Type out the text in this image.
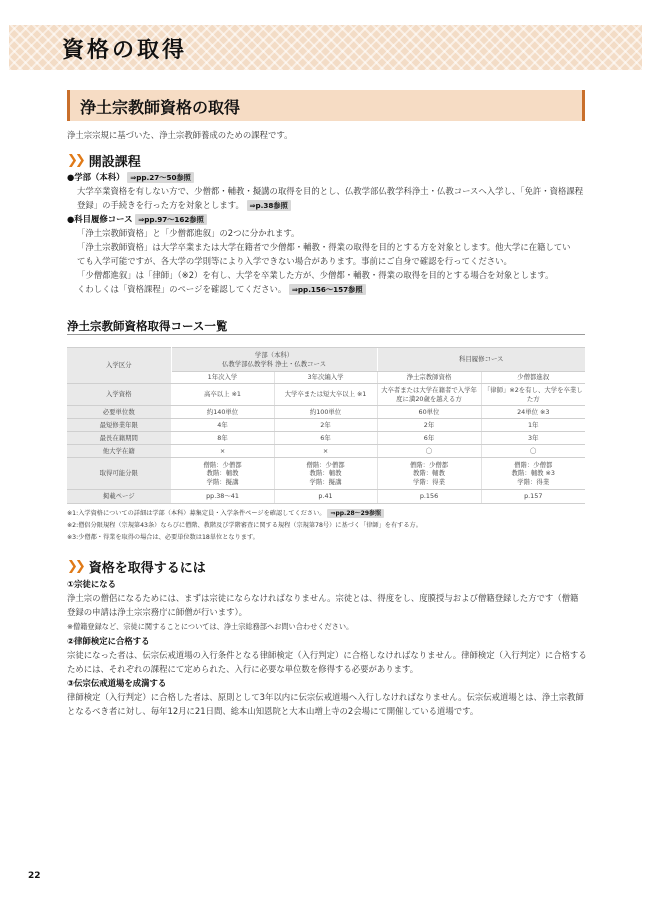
資格の取得
浄土宗教師資格の取得
浄土宗宗規に基づいた、浄土宗教師養成のための課程です。
❯❯ 開設課程
●学部（本科） ⇒pp.27〜50参照
大学卒業資格を有しない方で、少僧都・輔教・擬講の取得を目的とし、仏教学部仏教学科浄土・仏教コースへ入学し、「免許・資格課程
登録」の手続きを行った方を対象とします。 ⇒p.38参照
●科目履修コース ⇒pp.97〜162参照
「浄土宗教師資格」と「少僧都進叙」の2つに分かれます。
「浄土宗教師資格」は大学卒業または大学在籍者で少僧都・輔教・得業の取得を目的とする方を対象とします。他大学に在籍してい
ても入学可能ですが、各大学の学則等により入学できない場合があります。事前にご自身で確認を行ってください。
「少僧都進叙」は「律師」（※2）を有し、大学を卒業した方が、少僧都・輔教・得業の取得を目的とする場合を対象とします。
くわしくは「資格課程」のページを確認してください。 ⇒pp.156〜157参照
浄土宗教師資格取得コース一覧
入学区分	学部（本科）
仏教学部仏教学科 浄土・仏教コース		科目履修コース	
	1年次入学	3年次編入学	浄土宗教師資格	少僧都進叙
入学資格	高卒以上 ※1	大学卒または短大卒以上 ※1	大卒者または大学在籍者で入学年度に満20歳を越える方	「律師」※2を有し、大学を卒業した方
必要単位数	約140単位	約100単位	60単位	24単位 ※3
最短修業年限	4年	2年	2年	1年
最長在籍期間	8年	6年	6年	3年
他大学在籍	×	×	〇	〇
取得可能分限	僧階：少僧都
教階：輔教
学階：擬講	僧階：少僧都
教階：輔教
学階：擬講	僧階：少僧都
教階：輔教
学階：得業	僧階：少僧都
教階：輔教 ※3
学階：得業
掲載ページ	pp.38〜41	p.41	p.156	p.157
※1:入学資格についての詳細は学部（本科）募集定員・入学条件ページを確認してください。 ⇒pp.28〜29参照
※2:僧侶分限規程（宗規第43条）ならびに僧階、教階及び学階審査に関する規程（宗規第78号）に基づく「律師」を有する方。
※3:少僧都・得業を取得の場合は、必要単位数は18単位となります。
❯❯ 資格を取得するには
①宗徒になる
浄土宗の僧侶になるためには、まずは宗徒にならなければなりません。宗徒とは、得度をし、度膜授与および僧籍登録した方です（僧籍
登録の申請は浄土宗宗務庁に師僧が行います）。
※僧籍登録など、宗徒に関することについては、浄土宗総務部へお問い合わせください。
②律師検定に合格する
宗徒になった者は、伝宗伝戒道場の入行条件となる律師検定（入行判定）に合格しなければなりません。律師検定（入行判定）に合格する
ためには、それぞれの課程にて定められた、入行に必要な単位数を修得する必要があります。
③伝宗伝戒道場を成満する
律師検定（入行判定）に合格した者は、原則として3年以内に伝宗伝戒道場へ入行しなければなりません。伝宗伝戒道場とは、浄土宗教師
となるべき者に対し、毎年12月に21日間、総本山知恩院と大本山増上寺の2会場にて開催している道場です。
22
